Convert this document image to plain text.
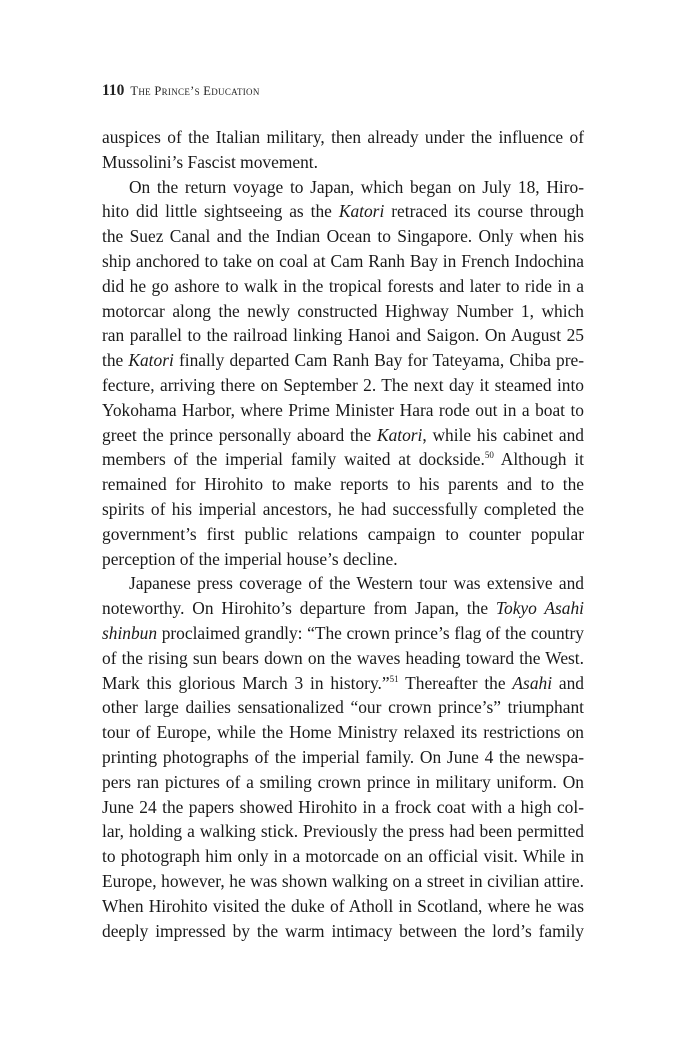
110 The Prince’s Education
auspices of the Italian military, then already under the influence of
Mussolini’s Fascist movement.
On the return voyage to Japan, which began on July 18, Hiro-
hito did little sightseeing as the Katori retraced its course through
the Suez Canal and the Indian Ocean to Singapore. Only when his
ship anchored to take on coal at Cam Ranh Bay in French Indochina
did he go ashore to walk in the tropical forests and later to ride in a
motorcar along the newly constructed Highway Number 1, which
ran parallel to the railroad linking Hanoi and Saigon. On August 25
the Katori finally departed Cam Ranh Bay for Tateyama, Chiba pre-
fecture, arriving there on September 2. The next day it steamed into
Yokohama Harbor, where Prime Minister Hara rode out in a boat to
greet the prince personally aboard the Katori, while his cabinet and
members of the imperial family waited at dockside.$^{50}$ Although it
remained for Hirohito to make reports to his parents and to the
spirits of his imperial ancestors, he had successfully completed the
government’s first public relations campaign to counter popular
perception of the imperial house’s decline.
Japanese press coverage of the Western tour was extensive and
noteworthy. On Hirohito’s departure from Japan, the Tokyo Asahi
shinbun proclaimed grandly: “The crown prince’s flag of the country
of the rising sun bears down on the waves heading toward the West.
Mark this glorious March 3 in history.”$^{51}$ Thereafter the Asahi and
other large dailies sensationalized “our crown prince’s” triumphant
tour of Europe, while the Home Ministry relaxed its restrictions on
printing photographs of the imperial family. On June 4 the newspa-
pers ran pictures of a smiling crown prince in military uniform. On
June 24 the papers showed Hirohito in a frock coat with a high col-
lar, holding a walking stick. Previously the press had been permitted
to photograph him only in a motorcade on an official visit. While in
Europe, however, he was shown walking on a street in civilian attire.
When Hirohito visited the duke of Atholl in Scotland, where he was
deeply impressed by the warm intimacy between the lord’s family
